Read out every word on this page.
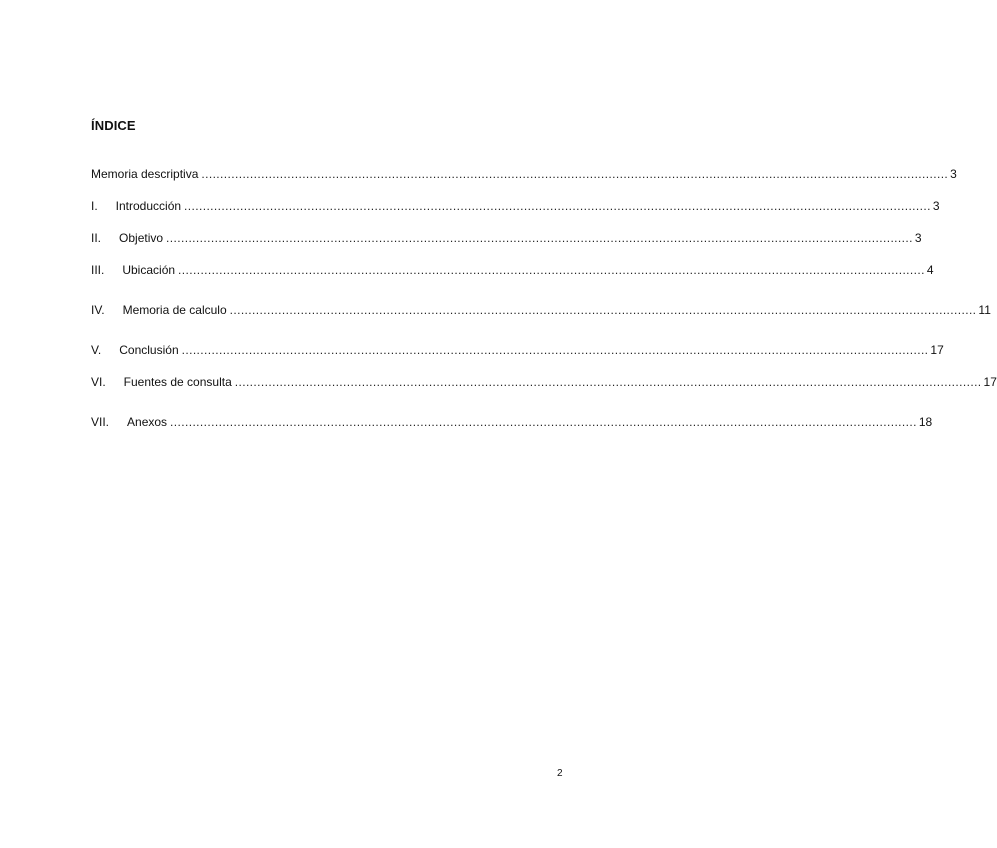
ÍNDICE
Memoria descriptiva ........................................................................................................................................................................................................ 3
I. Introducción ........................................................................................................................................................................................................ 3
II. Objetivo ........................................................................................................................................................................................................ 3
III. Ubicación ........................................................................................................................................................................................................ 4
IV. Memoria de calculo ........................................................................................................................................................................................................ 11
V. Conclusión ........................................................................................................................................................................................................ 17
VI. Fuentes de consulta ........................................................................................................................................................................................................ 17
VII. Anexos ........................................................................................................................................................................................................ 18
2
